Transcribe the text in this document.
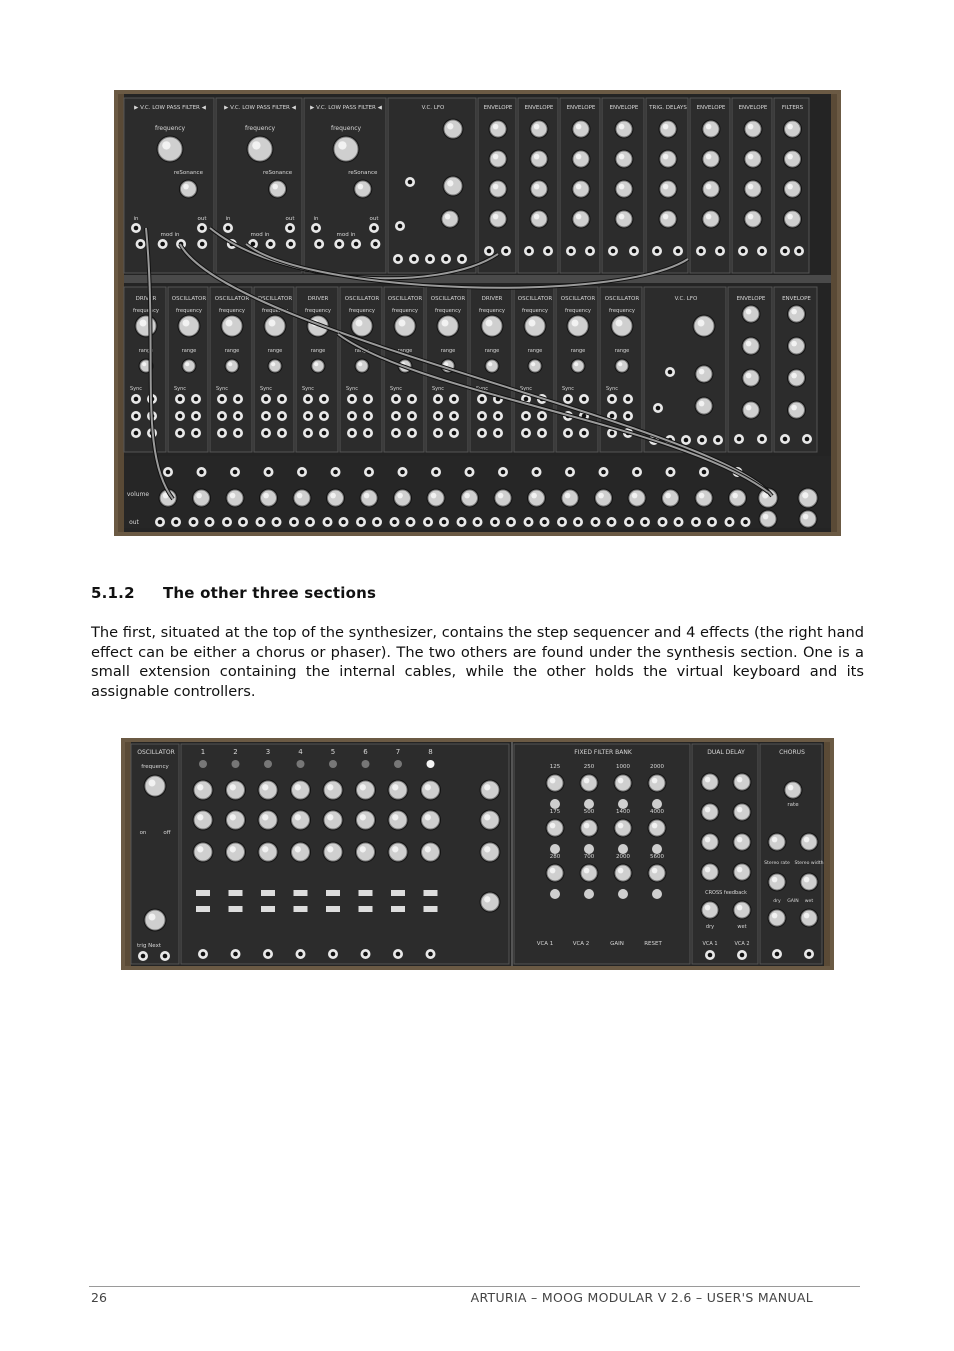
▶ V.C. LOW PASS FILTER ◀
frequency
reSonance
in	out
mod in
▶ V.C. LOW PASS FILTER ◀
frequency
reSonance
in	out
mod in
▶ V.C. LOW PASS FILTER ◀
frequency
reSonance
in	out
mod in
V.C. LFO	ENVELOPE ENVELOPE ENVELOPE	ENVELOPE TRIG. DELAYS ENVELOPE ENVELOPE	FILTERS
DRIVER
frequency
range
Sync
OSCILLATOR
frequency
range
Sync
OSCILLATOR
frequency
range
Sync
OSCILLATOR
frequency
range
Sync
DRIVER
frequency
range
Sync
OSCILLATOR
frequency
range
Sync
OSCILLATOR
frequency
range
Sync
OSCILLATOR
frequency
range
Sync
DRIVER
frequency
range
Sync
OSCILLATOR
frequency
range
Sync
OSCILLATOR
frequency
range
Sync
OSCILLATOR
frequency
range
Sync
V.C. LFO	ENVELOPE	ENVELOPE
volume
out
5.1.2 The other three sections

The first, situated at the top of the synthesizer, contains the step sequencer and 4 effects (the right hand effect can be either a chorus or phaser). The two others are found under the synthesis section. One is a small extension containing the internal cables, while the other holds the virtual keyboard and its assignable controllers.

OSCILLATOR	FIXED FILTER BANK	DUAL DELAY	CHORUS
frequency
on	off
trig Next
1	2	3	4	5	6	7	8
125	250	1000	2000
175	500	1400	4000
280	700	2000	5600
VCA 1	VCA 2	GAIN	RESET
CROSS feedback
dry	wet
VCA 1	VCA 2
rate
Stereo rate Stereo width
dry GAIN wet
26	ARTURIA – MOOG MODULAR V 2.6 – USER'S MANUAL
